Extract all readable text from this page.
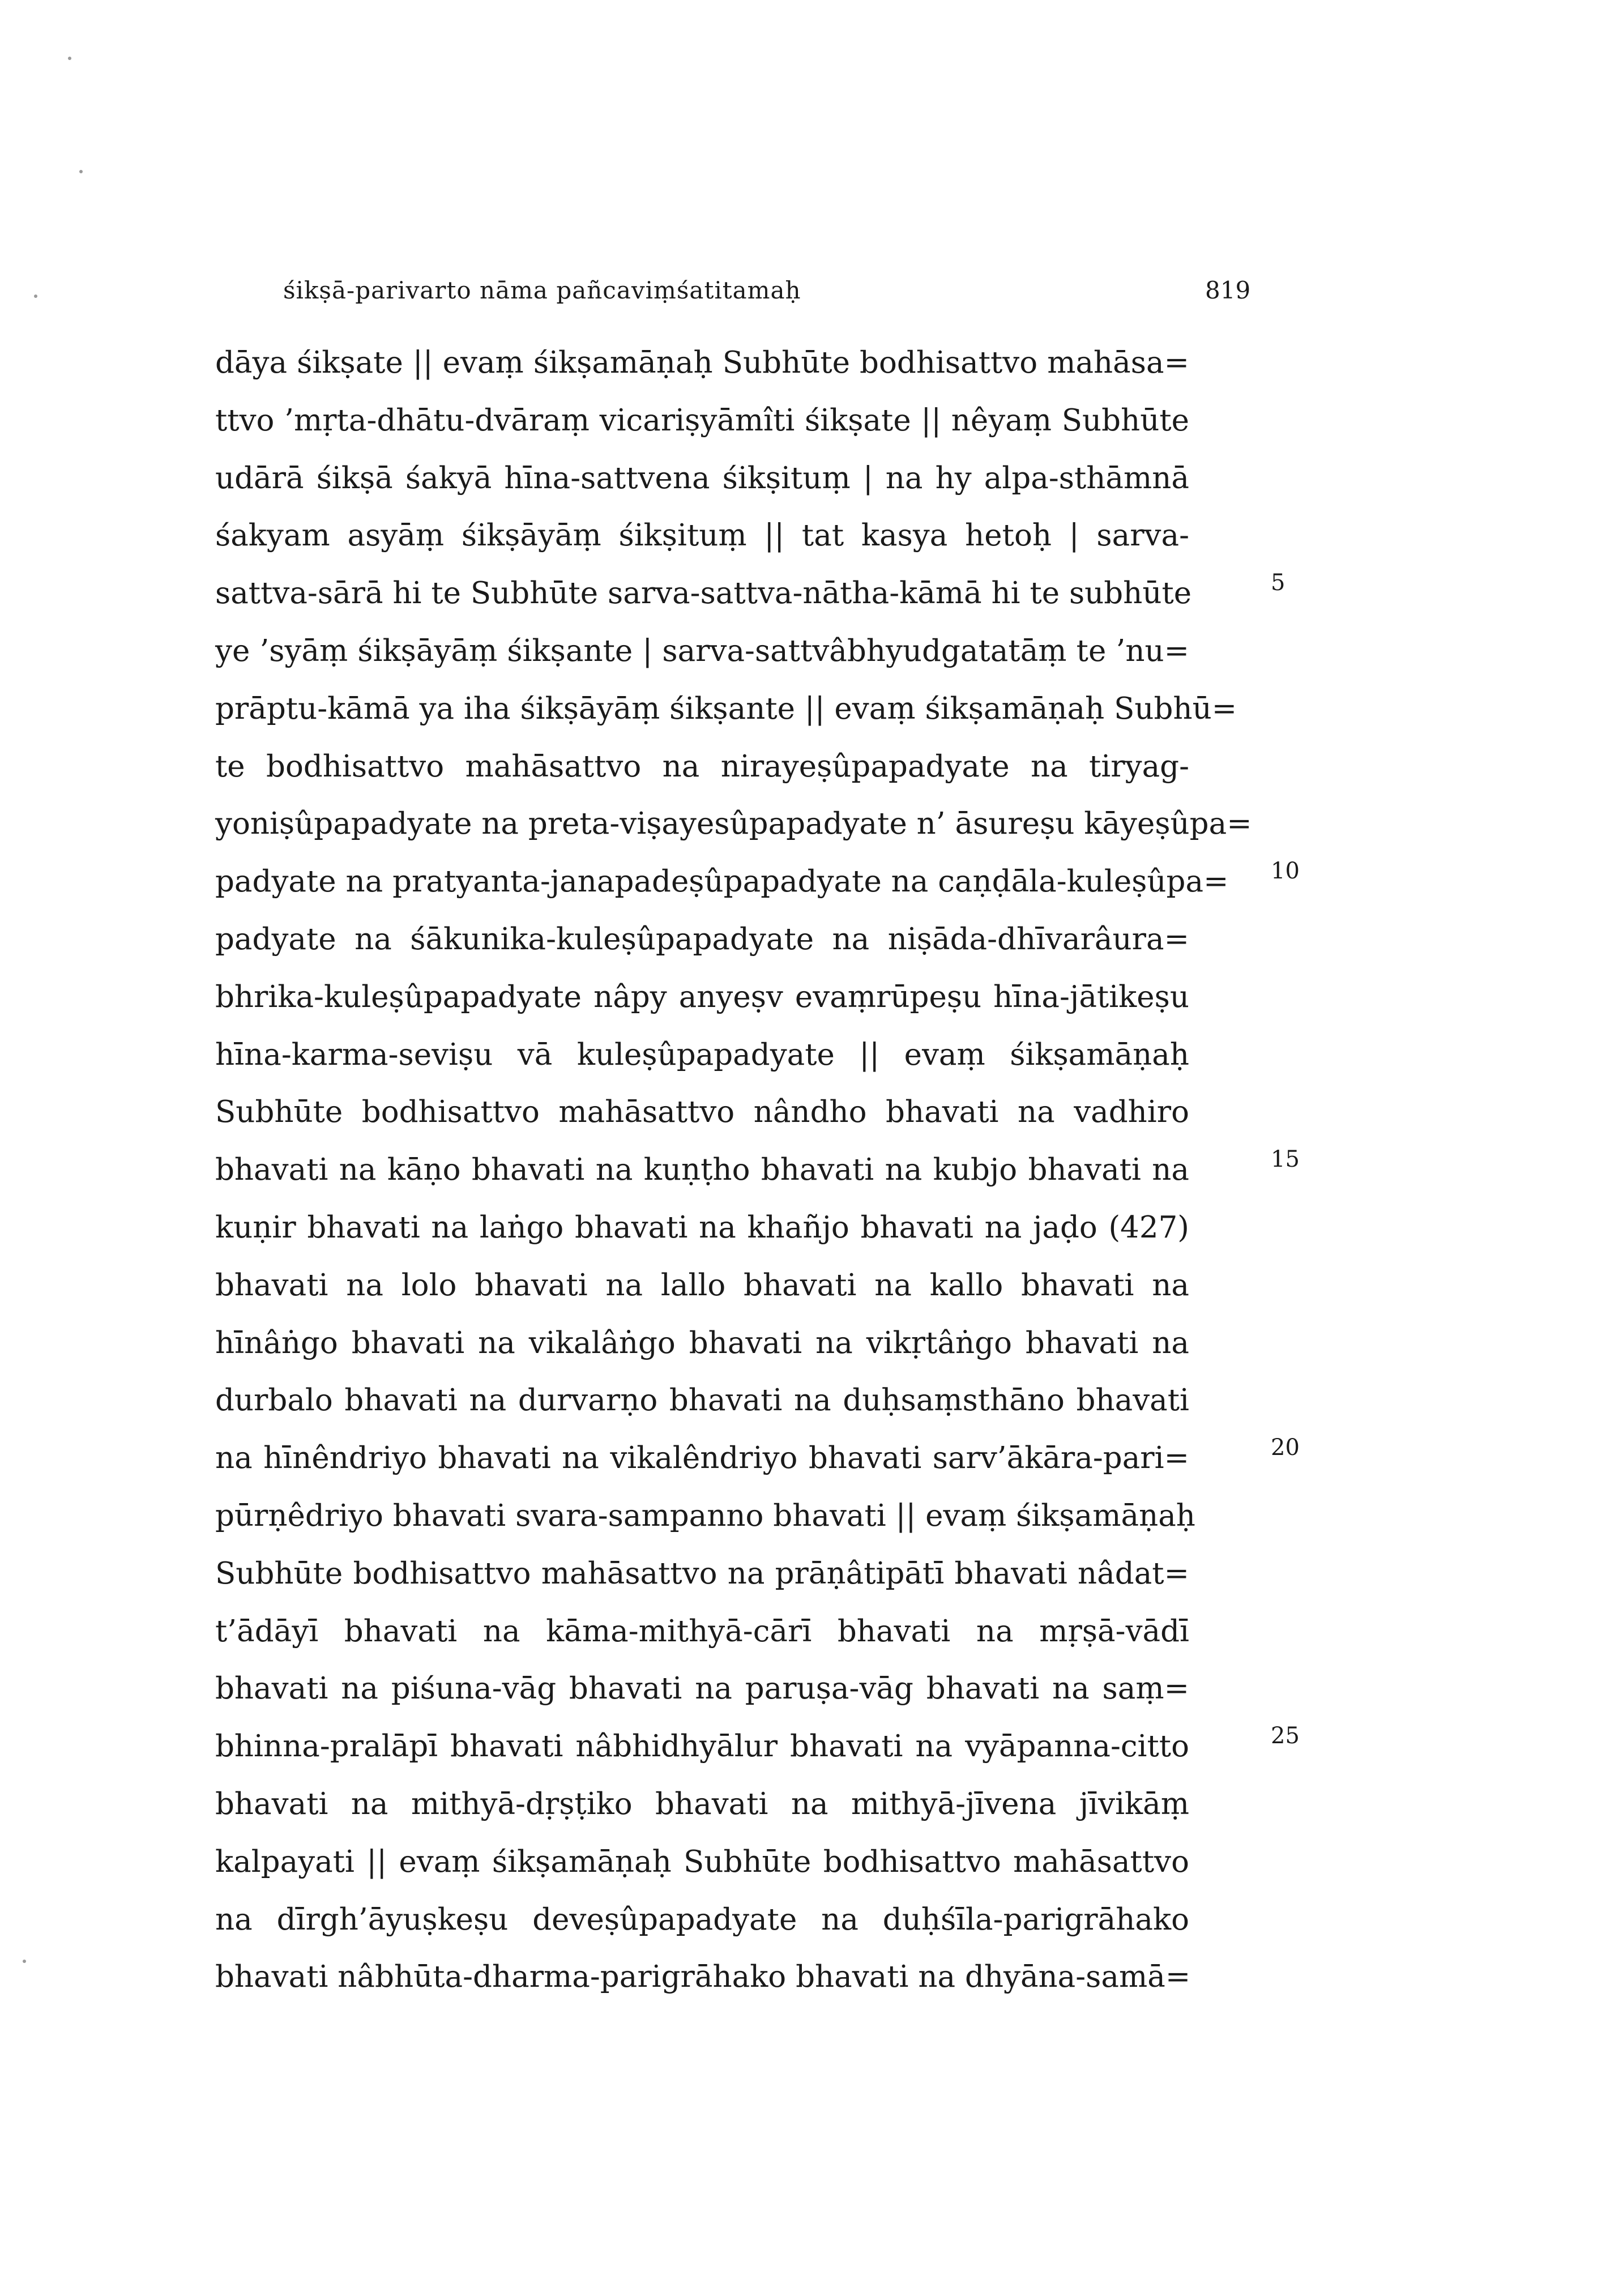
śikṣā-parivarto nāma pañcaviṃśatitamaḥ	819
dāya śikṣate || evaṃ śikṣamāṇaḥ Subhūte bodhisattvo mahāsa=
ttvo ’mṛta-dhātu-dvāraṃ vicariṣyāmîti śikṣate || nêyaṃ Subhūte
udārā śikṣā śakyā hīna-sattvena śikṣituṃ | na hy alpa-sthāmnā
śakyam asyāṃ śikṣāyāṃ śikṣituṃ || tat kasya hetoḥ | sarva-
sattva-sārā hi te Subhūte sarva-sattva-nātha-kāmā hi te subhūte
ye ’syāṃ śikṣāyāṃ śikṣante | sarva-sattvâbhyudgatatāṃ te ’nu=
prāptu-kāmā ya iha śikṣāyāṃ śikṣante || evaṃ śikṣamāṇaḥ Subhū=
te bodhisattvo mahāsattvo na nirayeṣûpapadyate na tiryag-
yoniṣûpapadyate na preta-viṣayesûpapadyate n’ āsureṣu kāyeṣûpa=
padyate na pratyanta-janapadeṣûpapadyate na caṇḍāla-kuleṣûpa=
padyate na śākunika-kuleṣûpapadyate na niṣāda-dhīvarâura=
bhrika-kuleṣûpapadyate nâpy anyeṣv evaṃrūpeṣu hīna-jātikeṣu
hīna-karma-seviṣu vā kuleṣûpapadyate || evaṃ śikṣamāṇaḥ
Subhūte bodhisattvo mahāsattvo nândho bhavati na vadhiro
bhavati na kāṇo bhavati na kuṇṭho bhavati na kubjo bhavati na
kuṇir bhavati na laṅgo bhavati na khañjo bhavati na jaḍo (427)
bhavati na lolo bhavati na lallo bhavati na kallo bhavati na
hīnâṅgo bhavati na vikalâṅgo bhavati na vikṛtâṅgo bhavati na
durbalo bhavati na durvarṇo bhavati na duḥsaṃsthāno bhavati
na hīnêndriyo bhavati na vikalêndriyo bhavati sarv’ākāra-pari=
pūrṇêdriyo bhavati svara-sampanno bhavati || evaṃ śikṣamāṇaḥ
Subhūte bodhisattvo mahāsattvo na prāṇâtipātī bhavati nâdat=
t’ādāyī bhavati na kāma-mithyā-cārī bhavati na mṛṣā-vādī
bhavati na piśuna-vāg bhavati na paruṣa-vāg bhavati na saṃ=
bhinna-pralāpī bhavati nâbhidhyālur bhavati na vyāpanna-citto
bhavati na mithyā-dṛṣṭiko bhavati na mithyā-jīvena jīvikāṃ
kalpayati || evaṃ śikṣamāṇaḥ Subhūte bodhisattvo mahāsattvo
na dīrgh’āyuṣkeṣu deveṣûpapadyate na duḥśīla-parigrāhako
bhavati nâbhūta-dharma-parigrāhako bhavati na dhyāna-samā=
5
10
15
20
25
